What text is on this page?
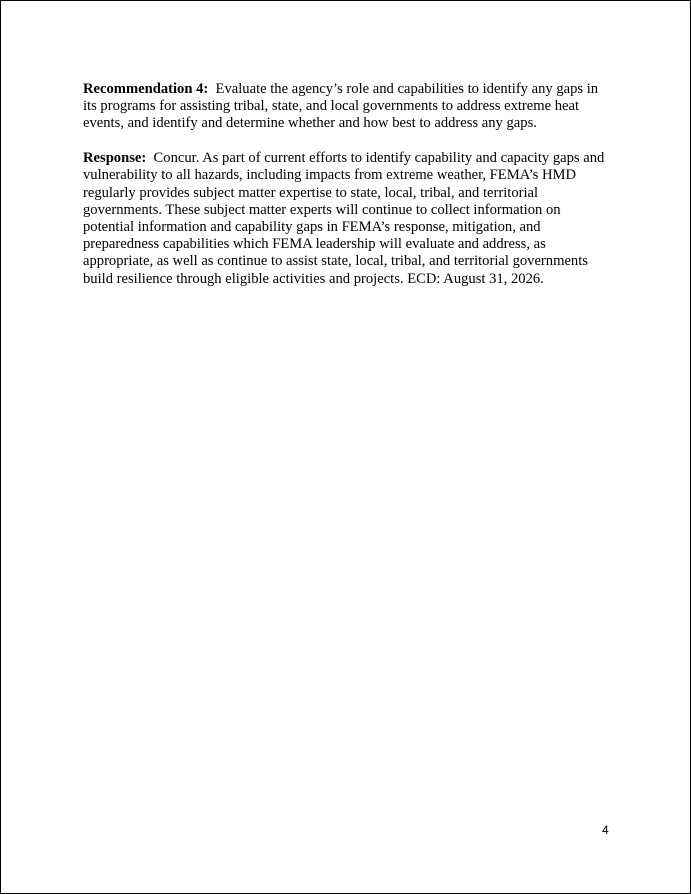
Recommendation 4: Evaluate the agency’s role and capabilities to identify any gaps in its programs for assisting tribal, state, and local governments to address extreme heat events, and identify and determine whether and how best to address any gaps.

Response: Concur. As part of current efforts to identify capability and capacity gaps and vulnerability to all hazards, including impacts from extreme weather, FEMA’s HMD regularly provides subject matter expertise to state, local, tribal, and territorial governments. These subject matter experts will continue to collect information on potential information and capability gaps in FEMA’s response, mitigation, and preparedness capabilities which FEMA leadership will evaluate and address, as appropriate, as well as continue to assist state, local, tribal, and territorial governments build resilience through eligible activities and projects. ECD: August 31, 2026.

4
